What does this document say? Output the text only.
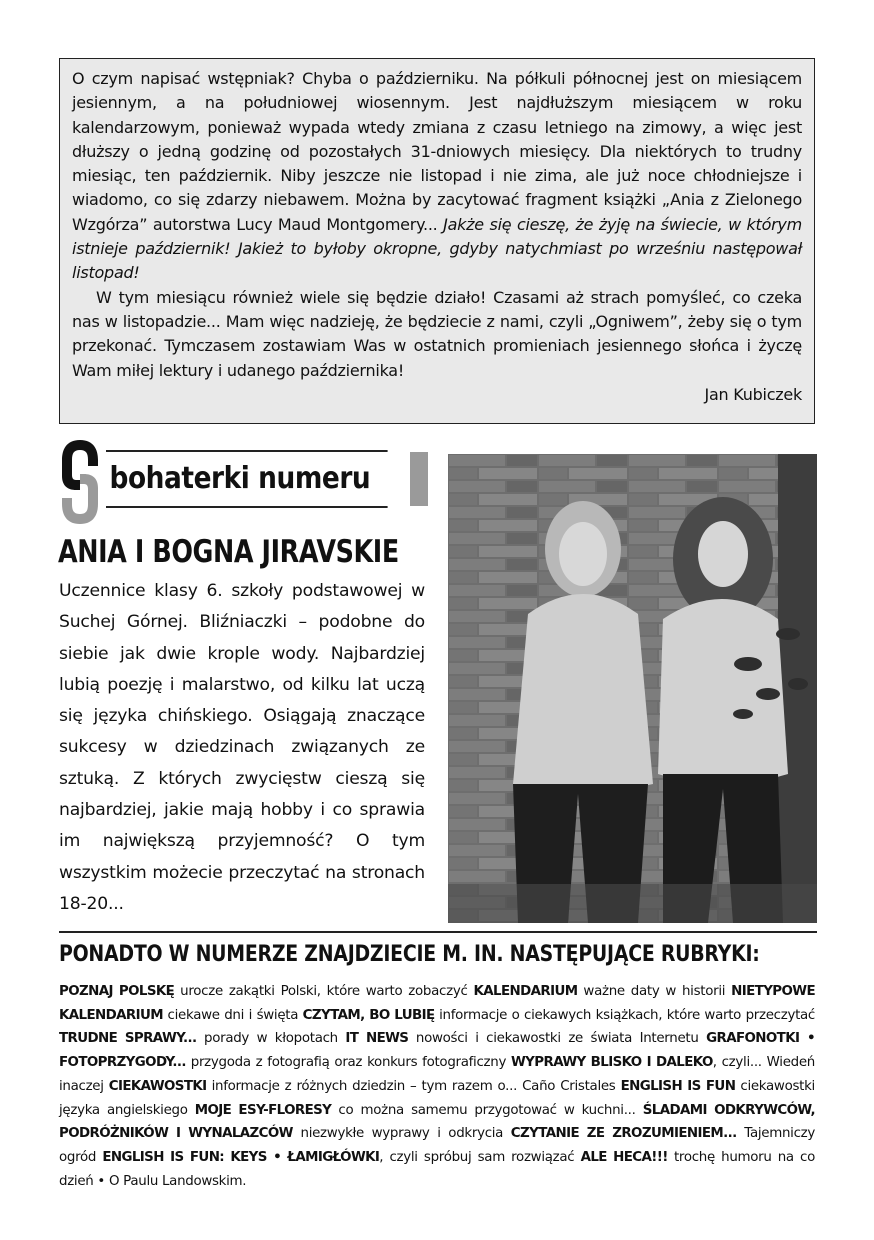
O czym napisać wstępniak? Chyba o październiku. Na półkuli północnej jest on miesiącem jesiennym, a na południowej wiosennym. Jest najdłuższym miesiącem w roku kalendarzowym, ponieważ wypada wtedy zmiana z czasu letniego na zimowy, a więc jest dłuższy o jedną godzinę od pozostałych 31-dniowych miesięcy. Dla niektórych to trudny miesiąc, ten październik. Niby jeszcze nie listopad i nie zima, ale już noce chłodniejsze i wiadomo, co się zdarzy niebawem. Można by zacytować fragment książki „Ania z Zielonego Wzgórza” autorstwa Lucy Maud Montgomery... Jakże się cieszę, że żyję na świecie, w którym istnieje październik! Jakież to byłoby okropne, gdyby natychmiast po wrześniu następował listopad!

W tym miesiącu również wiele się będzie działo! Czasami aż strach pomyśleć, co czeka nas w listopadzie... Mam więc nadzieję, że będziecie z nami, czyli „Ogniwem”, żeby się o tym przekonać. Tymczasem zostawiam Was w ostatnich promieniach jesiennego słońca i życzę Wam miłej lektury i udanego października!

Jan Kubiczek

bohaterki numeru
ANIA I BOGNA JIRAVSKIE

Uczennice klasy 6. szkoły podstawowej w Suchej Górnej. Bliźniaczki – podobne do siebie jak dwie krople wody. Najbardziej lubią poezję i malarstwo, od kilku lat uczą się języka chińskiego. Osiągają znaczące sukcesy w dziedzinach związanych ze sztuką. Z których zwycięstw cieszą się najbardziej, jakie mają hobby i co sprawia im największą przyjemność? O tym wszystkim możecie przeczytać na stronach 18-20...

PONADTO W NUMERZE ZNAJDZIECIE M. IN. NASTĘPUJĄCE RUBRYKI:

POZNAJ POLSKĘ urocze zakątki Polski, które warto zobaczyć KALENDARIUM ważne daty w historii NIETYPOWE KALENDARIUM ciekawe dni i święta CZYTAM, BO LUBIĘ informacje o ciekawych książkach, które warto przeczytać TRUDNE SPRAWY... porady w kłopotach IT NEWS nowości i ciekawostki ze świata Internetu GRAFONOTKI • FOTOPRZYGODY... przygoda z fotografią oraz konkurs fotograficzny WYPRAWY BLISKO I DALEKO, czyli... Wiedeń inaczej CIEKAWOSTKI informacje z różnych dziedzin – tym razem o... Caño Cristales ENGLISH IS FUN ciekawostki języka angielskiego MOJE ESY-FLORESY co można samemu przygotować w kuchni... ŚLADAMI ODKRYWCÓW, PODRÓŻNIKÓW I WYNALAZCÓW niezwykłe wyprawy i odkrycia CZYTANIE ZE ZROZUMIENIEM... Tajemniczy ogród ENGLISH IS FUN: KEYS • ŁAMIGŁÓWKI, czyli spróbuj sam rozwiązać ALE HECA!!! trochę humoru na co dzień • O Paulu Landowskim.
